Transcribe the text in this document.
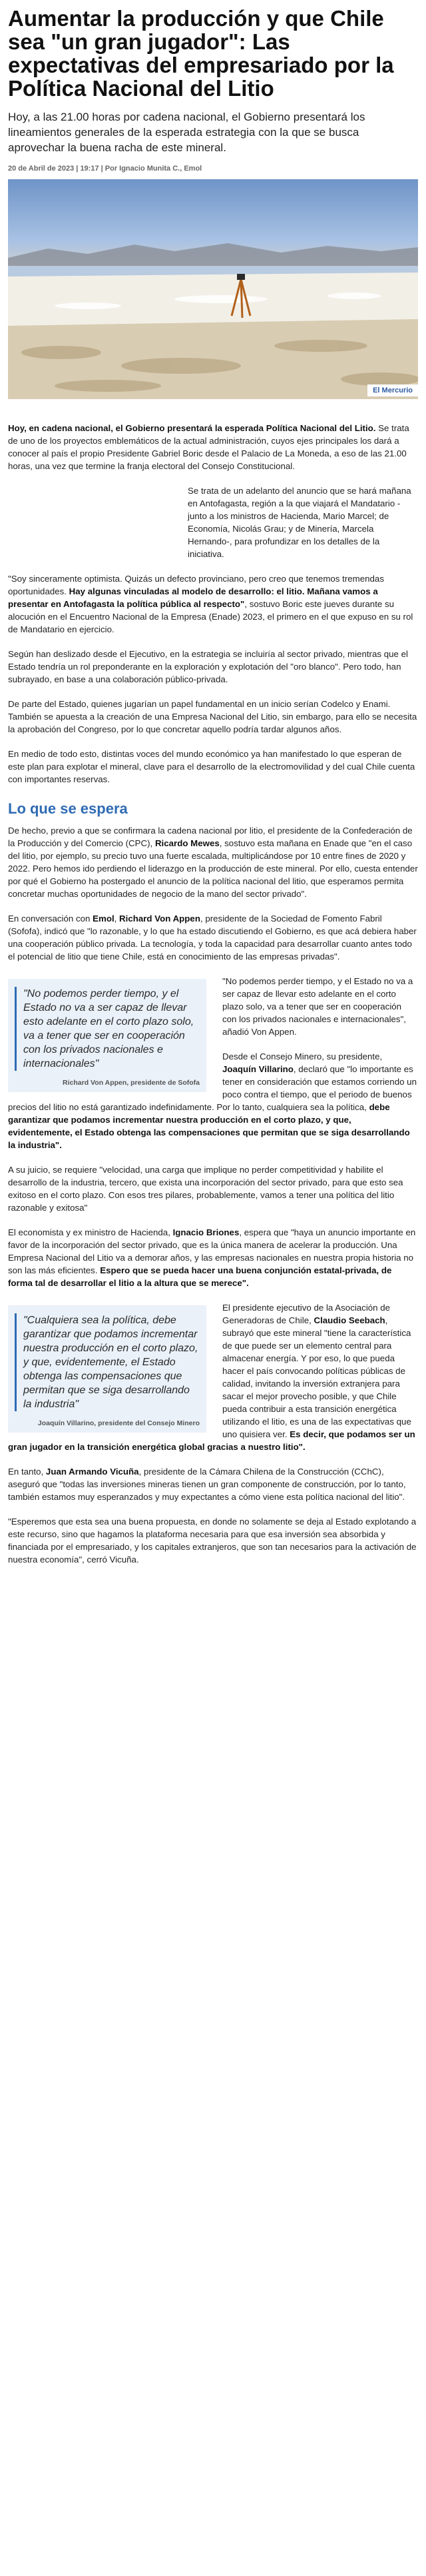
Aumentar la producción y que Chile sea "un gran jugador": Las expectativas del empresariado por la Política Nacional del Litio

Hoy, a las 21.00 horas por cadena nacional, el Gobierno presentará los lineamientos generales de la esperada estrategia con la que se busca aprovechar la buena racha de este mineral.

20 de Abril de 2023 | 19:17 | Por Ignacio Munita C., Emol
El Mercurio

Hoy, en cadena nacional, el Gobierno presentará la esperada Política Nacional del Litio. Se trata de uno de los proyectos emblemáticos de la actual administración, cuyos ejes principales los dará a conocer al país el propio Presidente Gabriel Boric desde el Palacio de La Moneda, a eso de las 21.00 horas, una vez que termine la franja electoral del Consejo Constitucional.

Se trata de un adelanto del anuncio que se hará mañana en Antofagasta, región a la que viajará el Mandatario -junto a los ministros de Hacienda, Mario Marcel; de Economía, Nicolás Grau; y de Minería, Marcela Hernando-, para profundizar en los detalles de la iniciativa.

"Soy sinceramente optimista. Quizás un defecto provinciano, pero creo que tenemos tremendas oportunidades. Hay algunas vinculadas al modelo de desarrollo: el litio. Mañana vamos a presentar en Antofagasta la política pública al respecto", sostuvo Boric este jueves durante su alocución en el Encuentro Nacional de la Empresa (Enade) 2023, el primero en el que expuso en su rol de Mandatario en ejercicio.

Según han deslizado desde el Ejecutivo, en la estrategia se incluiría al sector privado, mientras que el Estado tendría un rol preponderante en la exploración y explotación del "oro blanco". Pero todo, han subrayado, en base a una colaboración público-privada.

De parte del Estado, quienes jugarían un papel fundamental en un inicio serían Codelco y Enami. También se apuesta a la creación de una Empresa Nacional del Litio, sin embargo, para ello se necesita la aprobación del Congreso, por lo que concretar aquello podría tardar algunos años.

En medio de todo esto, distintas voces del mundo económico ya han manifestado lo que esperan de este plan para explotar el mineral, clave para el desarrollo de la electromovilidad y del cual Chile cuenta con importantes reservas.

Lo que se espera

De hecho, previo a que se confirmara la cadena nacional por litio, el presidente de la Confederación de la Producción y del Comercio (CPC), Ricardo Mewes, sostuvo esta mañana en Enade que "en el caso del litio, por ejemplo, su precio tuvo una fuerte escalada, multiplicándose por 10 entre fines de 2020 y 2022. Pero hemos ido perdiendo el liderazgo en la producción de este mineral. Por ello, cuesta entender por qué el Gobierno ha postergado el anuncio de la política nacional del litio, que esperamos permita concretar muchas oportunidades de negocio de la mano del sector privado".

En conversación con Emol, Richard Von Appen, presidente de la Sociedad de Fomento Fabril (Sofofa), indicó que "lo razonable, y lo que ha estado discutiendo el Gobierno, es que acá debiera haber una cooperación público privada. La tecnología, y toda la capacidad para desarrollar cuanto antes todo el potencial de litio que tiene Chile, está en conocimiento de las empresas privadas".

"No podemos perder tiempo, y el Estado no va a ser capaz de llevar esto adelante en el corto plazo solo, va a tener que ser en cooperación con los privados nacionales e internacionales"
Richard Von Appen, presidente de Sofofa

"No podemos perder tiempo, y el Estado no va a ser capaz de llevar esto adelante en el corto plazo solo, va a tener que ser en cooperación con los privados nacionales e internacionales", añadió Von Appen.

Desde el Consejo Minero, su presidente, Joaquín Villarino, declaró que "lo importante es tener en consideración que estamos corriendo un poco contra el tiempo, que el periodo de buenos precios del litio no está garantizado indefinidamente. Por lo tanto, cualquiera sea la política, debe garantizar que podamos incrementar nuestra producción en el corto plazo, y que, evidentemente, el Estado obtenga las compensaciones que permitan que se siga desarrollando la industria".

A su juicio, se requiere "velocidad, una carga que implique no perder competitividad y habilite el desarrollo de la industria, tercero, que exista una incorporación del sector privado, para que esto sea exitoso en el corto plazo. Con esos tres pilares, probablemente, vamos a tener una política del litio razonable y exitosa"

El economista y ex ministro de Hacienda, Ignacio Briones, espera que "haya un anuncio importante en favor de la incorporación del sector privado, que es la única manera de acelerar la producción. Una Empresa Nacional del Litio va a demorar años, y las empresas nacionales en nuestra propia historia no son las más eficientes. Espero que se pueda hacer una buena conjunción estatal-privada, de forma tal de desarrollar el litio a la altura que se merece".

"Cualquiera sea la política, debe garantizar que podamos incrementar nuestra producción en el corto plazo, y que, evidentemente, el Estado obtenga las compensaciones que permitan que se siga desarrollando la industria"
Joaquín Villarino, presidente del Consejo Minero

El presidente ejecutivo de la Asociación de Generadoras de Chile, Claudio Seebach, subrayó que este mineral "tiene la característica de que puede ser un elemento central para almacenar energía. Y por eso, lo que pueda hacer el país convocando políticas públicas de calidad, invitando la inversión extranjera para sacar el mejor provecho posible, y que Chile pueda contribuir a esta transición energética utilizando el litio, es una de las expectativas que uno quisiera ver. Es decir, que podamos ser un gran jugador en la transición energética global gracias a nuestro litio".

En tanto, Juan Armando Vicuña, presidente de la Cámara Chilena de la Construcción (CChC), aseguró que "todas las inversiones mineras tienen un gran componente de construcción, por lo tanto, también estamos muy esperanzados y muy expectantes a cómo viene esta política nacional del litio".

"Esperemos que esta sea una buena propuesta, en donde no solamente se deja al Estado explotando a este recurso, sino que hagamos la plataforma necesaria para que esa inversión sea absorbida y financiada por el empresariado, y los capitales extranjeros, que son tan necesarios para la activación de nuestra economía", cerró Vicuña.
